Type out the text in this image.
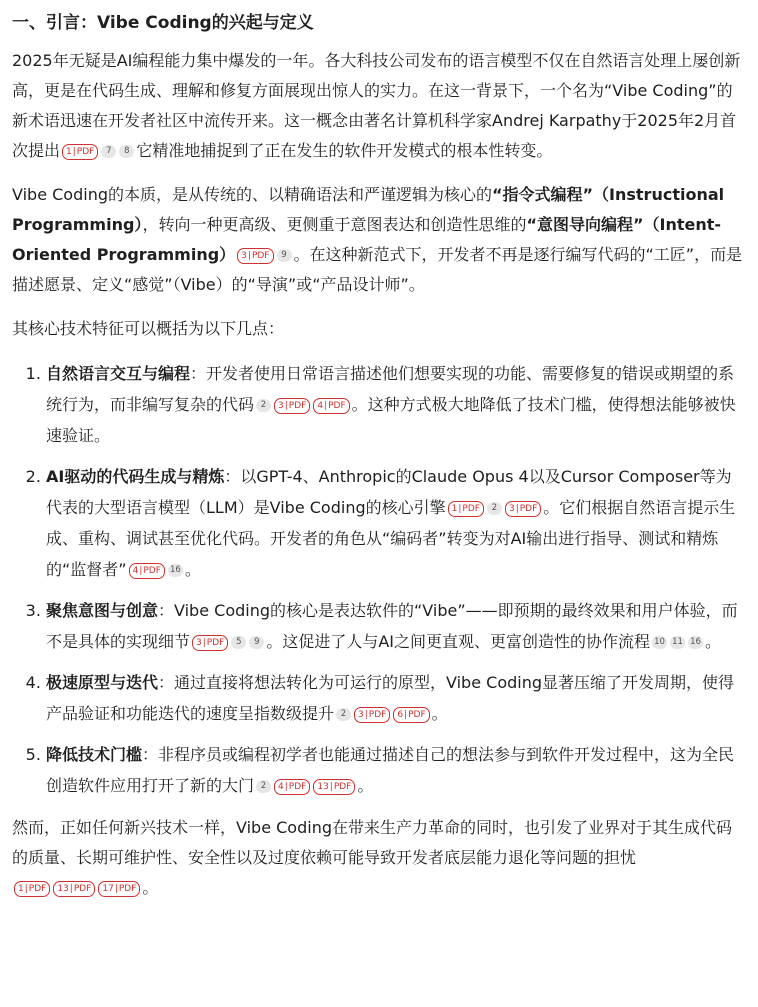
一、引言：Vibe Coding的兴起与定义

2025年无疑是AI编程能力集中爆发的一年。各大科技公司发布的语言模型不仅在自然语言处理上屡创新高，更是在代码生成、理解和修复方面展现出惊人的实力。在这一背景下，一个名为“Vibe Coding”的新术语迅速在开发者社区中流传开来。这一概念由著名计算机科学家Andrej Karpathy于2025年2月首次提出 1 | PDF	7	8 它精准地捕捉到了正在发生的软件开发模式的根本性转变。

Vibe Coding的本质，是从传统的、以精确语法和严谨逻辑为核心的“指令式编程”（Instructional Programming），转向一种更高级、更侧重于意图表达和创造性思维的“意图导向编程”（Intent-Oriented Programming） 3 | PDF	9 。在这种新范式下，开发者不再是逐行编写代码的“工匠”，而是描述愿景、定义“感觉”（Vibe）的“导演”或“产品设计师”。

其核心技术特征可以概括为以下几点：

1. 自然语言交互与编程：开发者使用日常语言描述他们想要实现的功能、需要修复的错误或期望的系统行为，而非编写复杂的代码 2	3 | PDF 4 | PDF 。这种方式极大地降低了技术门槛，使得想法能够被快速验证。
2. AI驱动的代码生成与精炼：以GPT-4、Anthropic的Claude Opus 4以及Cursor Composer等为代表的大型语言模型（LLM）是Vibe Coding的核心引擎 1 | PDF	2	3 | PDF 。它们根据自然语言提示生成、重构、调试甚至优化代码。开发者的角色从“编码者”转变为对AI输出进行指导、测试和精炼的“监督者” 4 | PDF 16 。
3. 聚焦意图与创意：Vibe Coding的核心是表达软件的“Vibe”——即预期的最终效果和用户体验，而不是具体的实现细节 3 | PDF	5	9 。这促进了人与AI之间更直观、更富创造性的协作流程 10 11 16 。
4. 极速原型与迭代：通过直接将想法转化为可运行的原型，Vibe Coding显著压缩了开发周期，使得产品验证和功能迭代的速度呈指数级提升 2	3 | PDF 6 | PDF 。
5. 降低技术门槛：非程序员或编程初学者也能通过描述自己的想法参与到软件开发过程中，这为全民创造软件应用打开了新的大门 2	4 | PDF 13 | PDF 。

然而，正如任何新兴技术一样，Vibe Coding在带来生产力革命的同时，也引发了业界对于其生成代码的质量、长期可维护性、安全性以及过度依赖可能导致开发者底层能力退化等问题的担忧
1 | PDF 13 | PDF 17 | PDF 。
